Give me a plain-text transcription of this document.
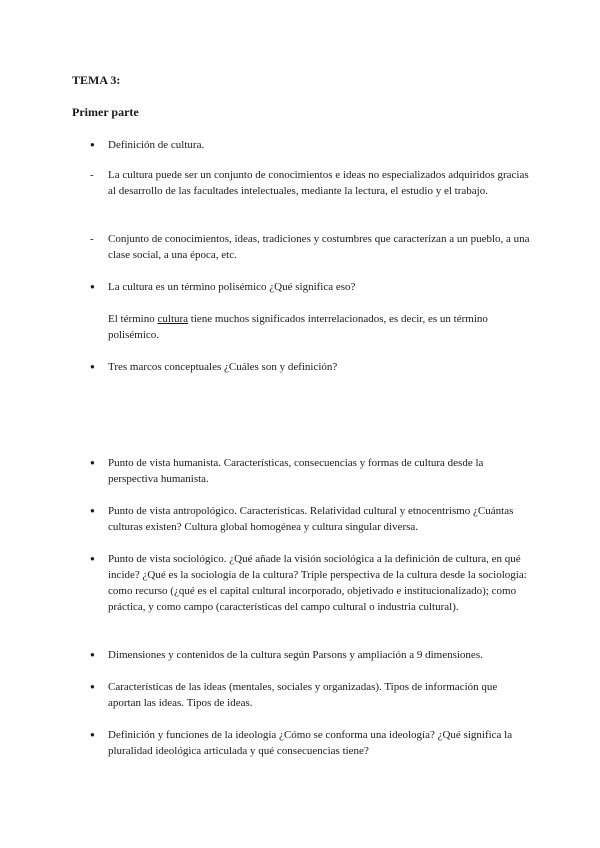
TEMA 3:
Primer parte
●
Definición de cultura.
-	La cultura puede ser un conjunto de conocimientos e ideas no especializados adquiridos gracias al desarrollo de las facultades intelectuales, mediante la lectura, el estudio y el trabajo.
-	Conjunto de conocimientos, ideas, tradiciones y costumbres que caracterizan a un pueblo, a una clase social, a una época, etc.
●
La cultura es un término polisémico ¿Qué significa eso?
El término cultura tiene muchos significados interrelacionados, es decir, es un término polisémico.
●
Tres marcos conceptuales ¿Cuáles son y definición?
●
Punto de vista humanista. Características, consecuencias y formas de cultura desde la perspectiva humanista.
●
Punto de vista antropológico. Características. Relatividad cultural y etnocentrismo ¿Cuántas culturas existen? Cultura global homogénea y cultura singular diversa.
●
Punto de vista sociológico. ¿Qué añade la visión sociológica a la definición de cultura, en qué incide? ¿Qué es la sociología de la cultura? Triple perspectiva de la cultura desde la sociología: como recurso (¿qué es el capital cultural incorporado, objetivado e institucionalizado); como práctica, y como campo (características del campo cultural o industria cultural).
●
Dimensiones y contenidos de la cultura según Parsons y ampliación a 9 dimensiones.
●
Características de las ideas (mentales, sociales y organizadas). Tipos de información que aportan las ideas. Tipos de ideas.
●
Definición y funciones de la ideología ¿Cómo se conforma una ideología? ¿Qué significa la pluralidad ideológica articulada y qué consecuencias tiene?
